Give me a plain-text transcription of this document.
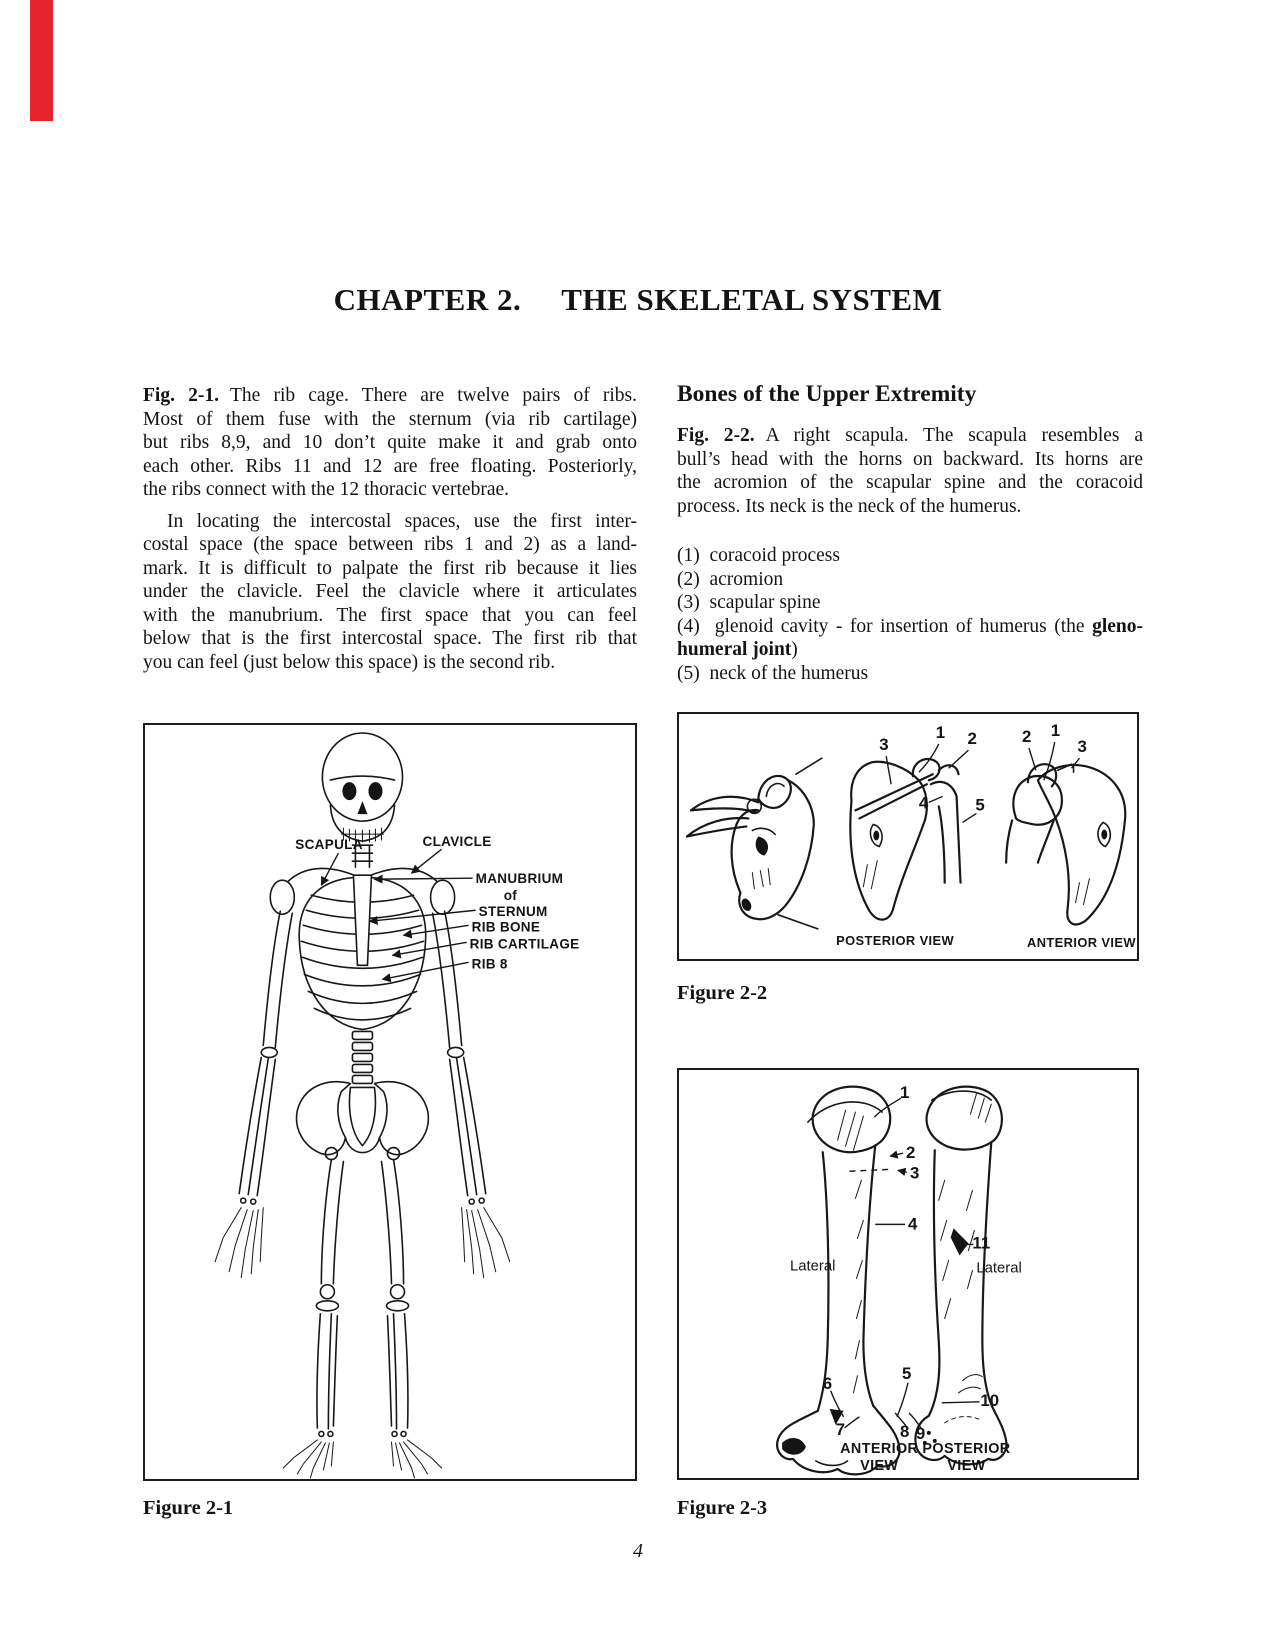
CHAPTER 2. THE SKELETAL SYSTEM
Fig. 2-1. The rib cage. There are twelve pairs of ribs.
Most of them fuse with the sternum (via rib cartilage)
but ribs 8,9, and 10 don’t quite make it and grab onto
each other. Ribs 11 and 12 are free floating. Posteriorly,
the ribs connect with the 12 thoracic vertebrae.
In locating the intercostal spaces, use the first inter-
costal space (the space between ribs 1 and 2) as a land-
mark. It is difficult to palpate the first rib because it lies
under the clavicle. Feel the clavicle where it articulates
with the manubrium. The first space that you can feel
below that is the first intercostal space. The first rib that
you can feel (just below this space) is the second rib.
Bones of the Upper Extremity
Fig. 2-2. A right scapula. The scapula resembles a
bull’s head with the horns on backward. Its horns are
the acromion of the scapular spine and the coracoid
process. Its neck is the neck of the humerus.
(1)  coracoid process
(2)  acromion
(3)  scapular spine
(4)  glenoid cavity - for insertion of humerus (the gleno-
humeral joint)
(5)  neck of the humerus
SCAPULA	CLAVICLE
MANUBRIUM
of
STERNUM
RIB BONE
RIB CARTILAGE
RIB 8
3
1 2
4	5
2 1
3
POSTERIOR VIEW	ANTERIOR VIEW
1
2
3
4
5
6
7	8 9
10
11
Lateral	Lateral
ANTERIOR
VIEW
POSTERIOR
VIEW
Figure 2-2
Figure 2-1	Figure 2-3
4
